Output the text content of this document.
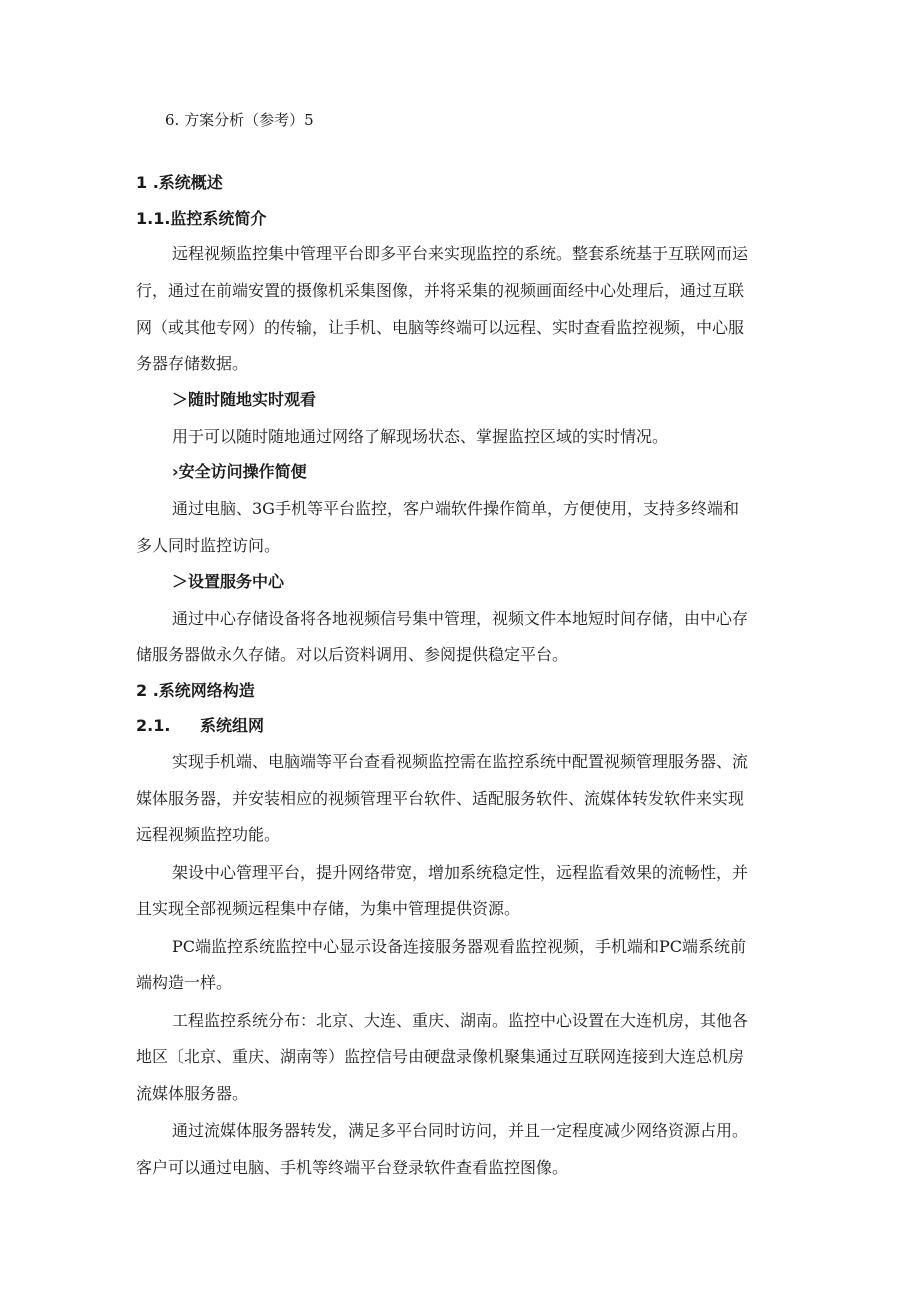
6. 方案分析（参考）5
1 .系统概述
1.1.监控系统简介
远程视频监控集中管理平台即多平台来实现监控的系统。整套系统基于互联网而运
行，通过在前端安置的摄像机采集图像，并将采集的视频画面经中心处理后，通过互联
网（或其他专网）的传输，让手机、电脑等终端可以远程、实时查看监控视频，中心服
务器存储数据。
＞随时随地实时观看
用于可以随时随地通过网络了解现场状态、掌握监控区域的实时情况。
›安全访问操作简便
通过电脑、3G手机等平台监控，客户端软件操作简单，方便使用，支持多终端和
多人同时监控访问。
＞设置服务中心
通过中心存储设备将各地视频信号集中管理，视频文件本地短时间存储，由中心存
储服务器做永久存储。对以后资料调用、参阅提供稳定平台。
2 .系统网络构造
2.1. 系统组网
实现手机端、电脑端等平台查看视频监控需在监控系统中配置视频管理服务器、流
媒体服务器，并安装相应的视频管理平台软件、适配服务软件、流媒体转发软件来实现
远程视频监控功能。
架设中心管理平台，提升网络带宽，增加系统稳定性，远程监看效果的流畅性，并
且实现全部视频远程集中存储，为集中管理提供资源。
PC端监控系统监控中心显示设备连接服务器观看监控视频，手机端和PC端系统前
端构造一样。
工程监控系统分布：北京、大连、重庆、湖南。监控中心设置在大连机房，其他各
地区〔北京、重庆、湖南等）监控信号由硬盘录像机聚集通过互联网连接到大连总机房
流媒体服务器。
通过流媒体服务器转发，满足多平台同时访问，并且一定程度减少网络资源占用。
客户可以通过电脑、手机等终端平台登录软件查看监控图像。
